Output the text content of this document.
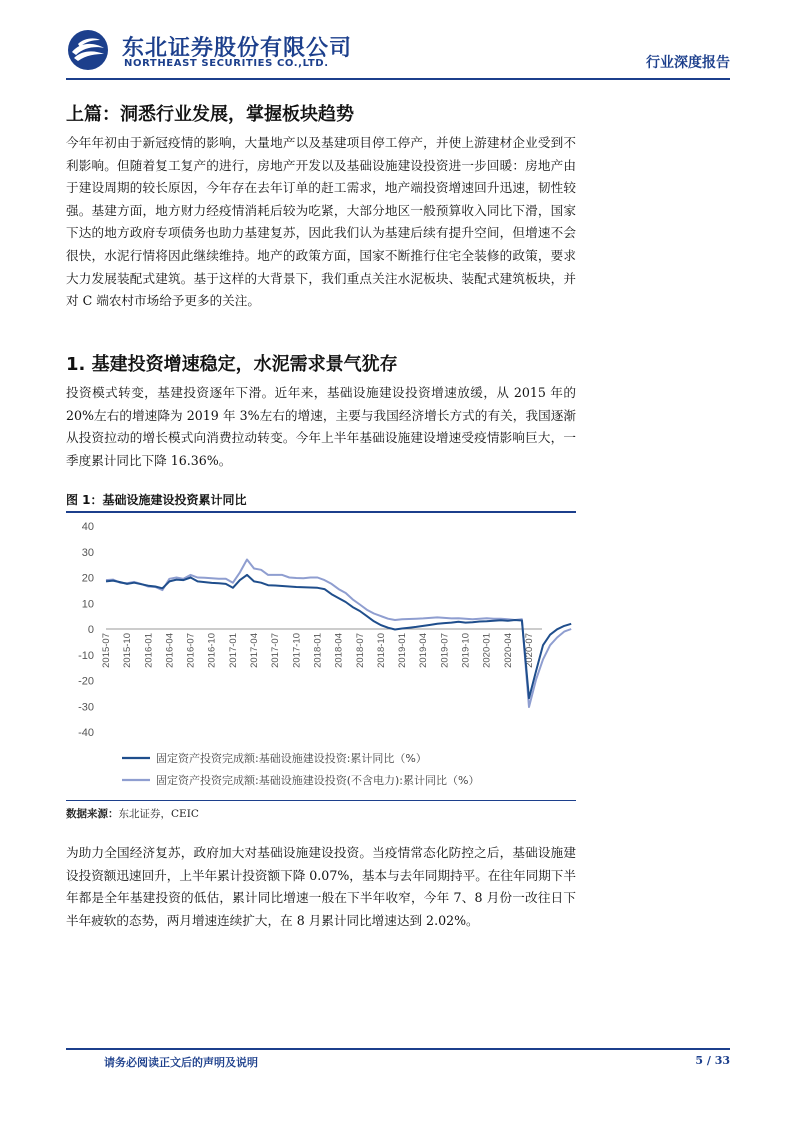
东北证券股份有限公司
NORTHEAST SECURITIES CO.,LTD.	行业深度报告
上篇：洞悉行业发展，掌握板块趋势

今年年初由于新冠疫情的影响，大量地产以及基建项目停工停产，并使上游建材企业受到不利影响。但随着复工复产的进行，房地产开发以及基础设施建设投资进一步回暖：房地产由于建设周期的较长原因，今年存在去年订单的赶工需求，地产端投资增速回升迅速，韧性较强。基建方面，地方财力经疫情消耗后较为吃紧，大部分地区一般预算收入同比下滑，国家下达的地方政府专项债务也助力基建复苏，因此我们认为基建后续有提升空间，但增速不会很快，水泥行情将因此继续维持。地产的政策方面，国家不断推行住宅全装修的政策，要求大力发展装配式建筑。基于这样的大背景下，我们重点关注水泥板块、装配式建筑板块，并对 C 端农村市场给予更多的关注。

1. 基建投资增速稳定，水泥需求景气犹存

投资模式转变，基建投资逐年下滑。近年来，基础设施建设投资增速放缓，从 2015 年的 20%左右的增速降为 2019 年 3%左右的增速，主要与我国经济增长方式的有关，我国逐渐从投资拉动的增长模式向消费拉动转变。今年上半年基础设施建设增速受疫情影响巨大，一季度累计同比下降 16.36%。

图 1：基础设施建设投资累计同比
40
30
20
10
0
-10
-20
-30
-40
2015-07 2015-10 2016-01 2016-04 2016-07 2016-10 2017-01 2017-04 2017-07 2017-10 2018-01 2018-04 2018-07 2018-10 2019-01 2019-04 2019-07 2019-10 2020-01 2020-04 2020-07
固定资产投资完成额:基础设施建设投资:累计同比（%）
固定资产投资完成额:基础设施建设投资(不含电力):累计同比（%）
数据来源：东北证券，CEIC

为助力全国经济复苏，政府加大对基础设施建设投资。当疫情常态化防控之后，基础设施建设投资额迅速回升，上半年累计投资额下降 0.07%，基本与去年同期持平。在往年同期下半年都是全年基建投资的低估，累计同比增速一般在下半年收窄，今年 7、8 月份一改往日下半年疲软的态势，两月增速连续扩大，在 8 月累计同比增速达到 2.02%。

请务必阅读正文后的声明及说明	5 / 33
